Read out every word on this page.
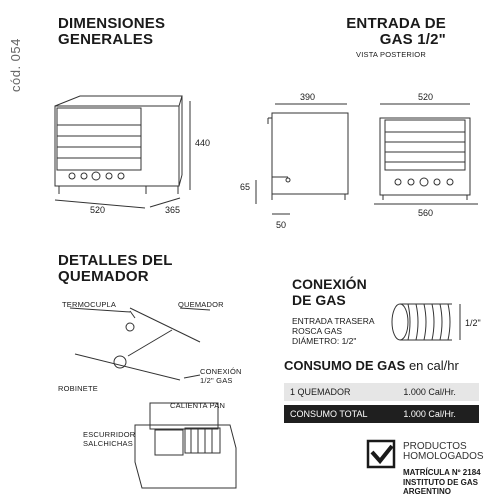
cód. 054
DIMENSIONES
GENERALES
440
520	365
ENTRADA DE
GAS 1/2"
VISTA POSTERIOR
390
65
50
520
560
DETALLES DEL
QUEMADOR
TERMOCUPLA	QUEMADOR
ROBINETE
CONEXIÓN
1/2" GAS
CALIENTA PAN
ESCURRIDOR
SALCHICHAS
CONEXIÓN
DE GAS
ENTRADA TRASERA
ROSCA GAS
DIÁMETRO: 1/2"
1/2"
CONSUMO DE GAS en cal/hr
1 QUEMADOR	1.000 Cal/Hr.

CONSUMO TOTAL	1.000 Cal/Hr.
PRODUCTOS
HOMOLOGADOS
MATRÍCULA Nº 2184
INSTITUTO DE GAS ARGENTINO
